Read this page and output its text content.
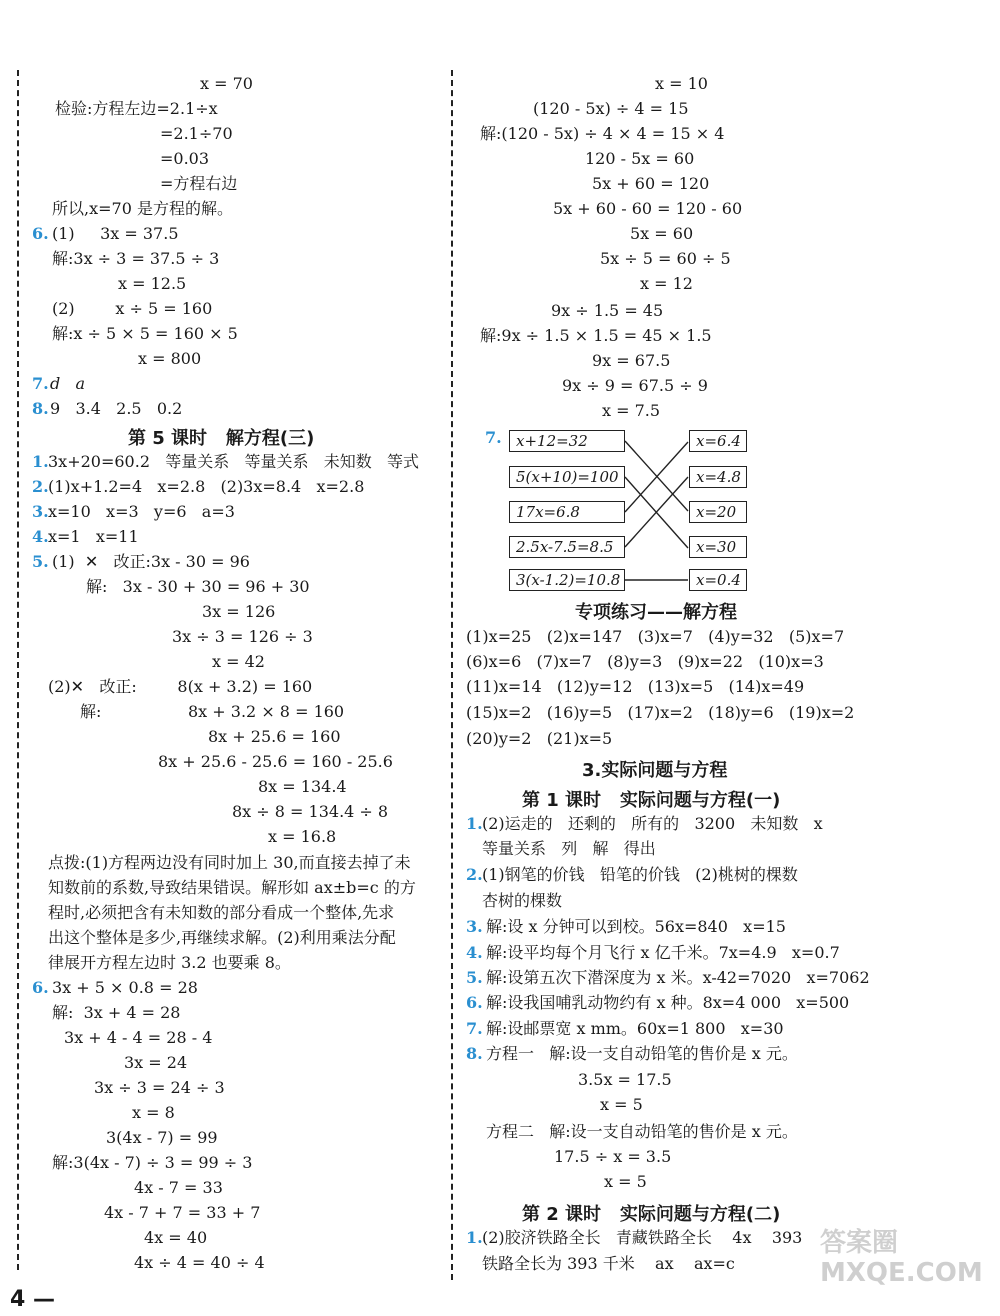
x = 70
检验:方程左边=2.1÷x
=2.1÷70
=0.03
=方程右边
所以,x=70 是方程的解。
6. (1)     3x = 37.5
解:3x ÷ 3 = 37.5 ÷ 3
x = 12.5
(2)        x ÷ 5 = 160
解:x ÷ 5 × 5 = 160 × 5
x = 800
7. d   a
8. 9   3.4   2.5   0.2
第 5 课时   解方程(三)
1. 3x+20=60.2   等量关系   等量关系   未知数   等式
2. (1)x+1.2=4   x=2.8   (2)3x=8.4   x=2.8
3. x=10   x=3   y=6   a=3
4. x=1   x=11
5. (1)  ✕   改正:3x - 30 = 96
解:   3x - 30 + 30 = 96 + 30
3x = 126
3x ÷ 3 = 126 ÷ 3
x = 42
(2)✕   改正:        8(x + 3.2) = 160
解:	8x + 3.2 × 8 = 160
8x + 25.6 = 160
8x + 25.6 - 25.6 = 160 - 25.6
8x = 134.4
8x ÷ 8 = 134.4 ÷ 8
x = 16.8
点拨:(1)方程两边没有同时加上 30,而直接去掉了未
知数前的系数,导致结果错误。解形如 ax±b=c 的方
程时,必须把含有未知数的部分看成一个整体,先求
出这个整体是多少,再继续求解。(2)利用乘法分配
律展开方程左边时 3.2 也要乘 8。
6. 3x + 5 × 0.8 = 28
解:  3x + 4 = 28
3x + 4 - 4 = 28 - 4
3x = 24
3x ÷ 3 = 24 ÷ 3
x = 8
3(4x - 7) = 99
解:3(4x - 7) ÷ 3 = 99 ÷ 3
4x - 7 = 33
4x - 7 + 7 = 33 + 7
4x = 40
4x ÷ 4 = 40 ÷ 4
x = 10
(120 - 5x) ÷ 4 = 15
解:(120 - 5x) ÷ 4 × 4 = 15 × 4
120 - 5x = 60
5x + 60 = 120
5x + 60 - 60 = 120 - 60
5x = 60
5x ÷ 5 = 60 ÷ 5
x = 12
9x ÷ 1.5 = 45
解:9x ÷ 1.5 × 1.5 = 45 × 1.5
9x = 67.5
9x ÷ 9 = 67.5 ÷ 9
x = 7.5
7. x+12=32
5(x+10)=100
17x=6.8
2.5x-7.5=8.5
3(x-1.2)=10.8
x=6.4
x=4.8
x=20
x=30
x=0.4
专项练习——解方程
(1)x=25   (2)x=147   (3)x=7   (4)y=32   (5)x=7
(6)x=6   (7)x=7   (8)y=3   (9)x=22   (10)x=3
(11)x=14   (12)y=12   (13)x=5   (14)x=49
(15)x=2   (16)y=5   (17)x=2   (18)y=6   (19)x=2
(20)y=2   (21)x=5
3.实际问题与方程
第 1 课时   实际问题与方程(一)
1. (2)运走的   还剩的   所有的   3200   未知数   x
等量关系   列   解   得出
2. (1)钢笔的价钱   铅笔的价钱   (2)桃树的棵数
杏树的棵数
3. 解:设 x 分钟可以到校。56x=840   x=15
4. 解:设平均每个月飞行 x 亿千米。7x=4.9   x=0.7
5. 解:设第五次下潜深度为 x 米。x-42=7020   x=7062
6. 解:设我国哺乳动物约有 x 种。8x=4 000   x=500
7. 解:设邮票宽 x mm。60x=1 800   x=30
8. 方程一   解:设一支自动铅笔的售价是 x 元。
3.5x = 17.5
x = 5
方程二   解:设一支自动铅笔的售价是 x 元。
17.5 ÷ x = 3.5
x = 5
第 2 课时   实际问题与方程(二)
1. (2)胶济铁路全长   青藏铁路全长    4x    393
铁路全长为 393 千米    ax    ax=c
4 —
答案圈 MXQE.COM
